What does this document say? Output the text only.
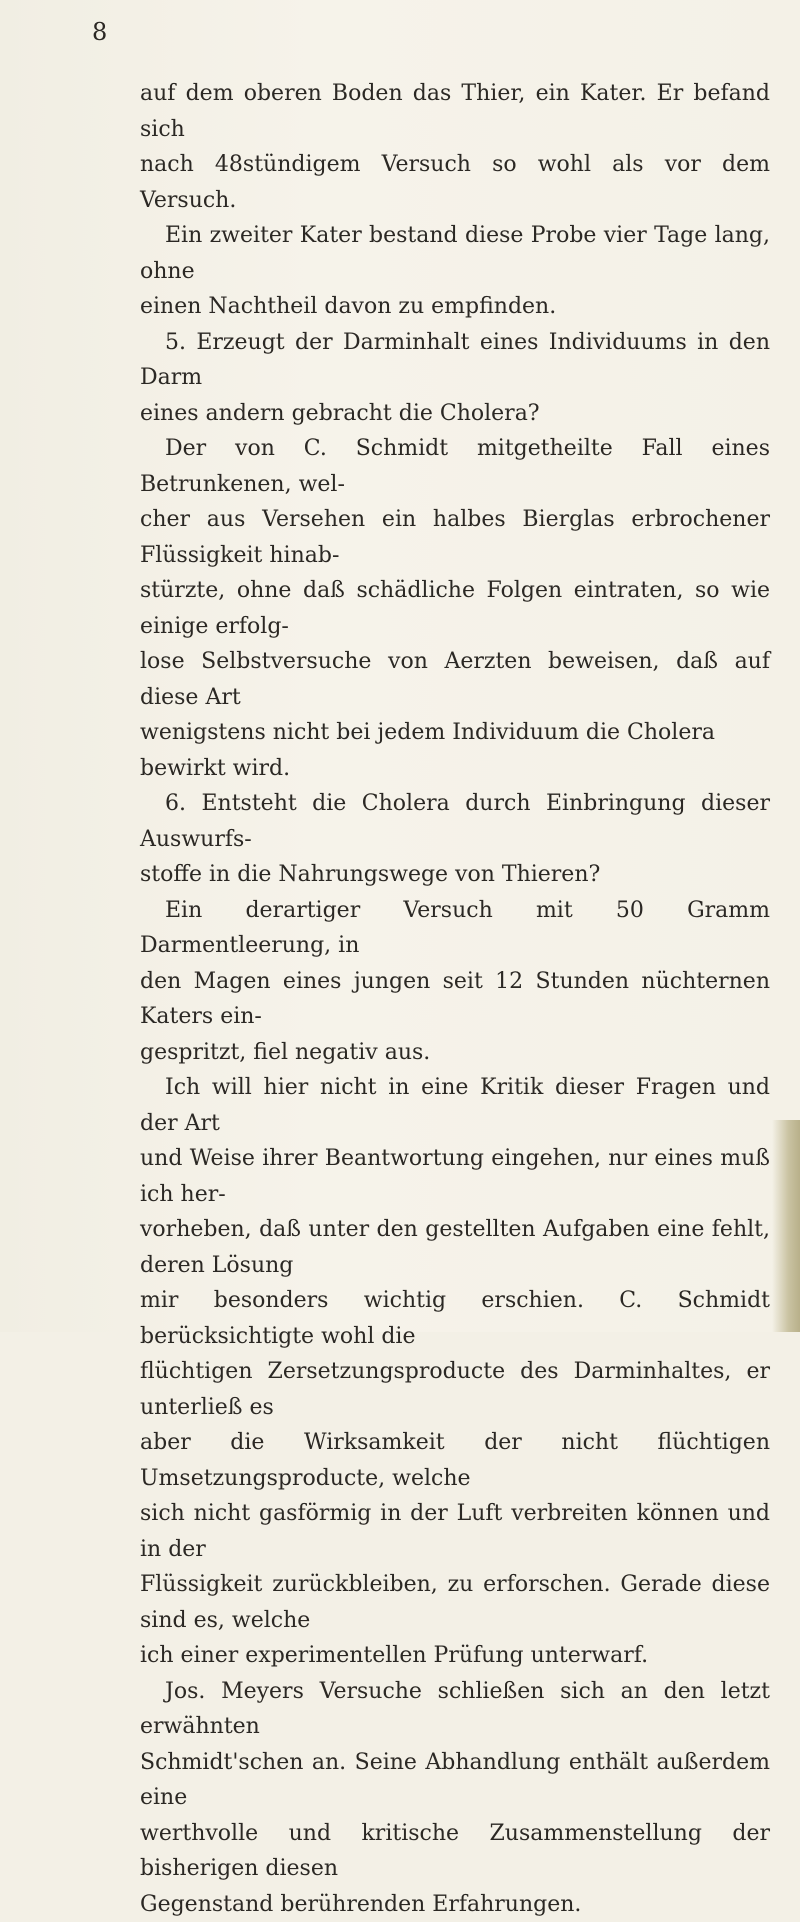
8

auf dem oberen Boden das Thier, ein Kater. Er befand sich

nach 48stündigem Versuch so wohl als vor dem Versuch.

Ein zweiter Kater bestand diese Probe vier Tage lang, ohne

einen Nachtheil davon zu empfinden.

5. Erzeugt der Darminhalt eines Individuums in den Darm

eines andern gebracht die Cholera?

Der von C. Schmidt mitgetheilte Fall eines Betrunkenen, wel-

cher aus Versehen ein halbes Bierglas erbrochener Flüssigkeit hinab-

stürzte, ohne daß schädliche Folgen eintraten, so wie einige erfolg-

lose Selbstversuche von Aerzten beweisen, daß auf diese Art

wenigstens nicht bei jedem Individuum die Cholera bewirkt wird.

6. Entsteht die Cholera durch Einbringung dieser Auswurfs-

stoffe in die Nahrungswege von Thieren?

Ein derartiger Versuch mit 50 Gramm Darmentleerung, in

den Magen eines jungen seit 12 Stunden nüchternen Katers ein-

gespritzt, fiel negativ aus.

Ich will hier nicht in eine Kritik dieser Fragen und der Art

und Weise ihrer Beantwortung eingehen, nur eines muß ich her-

vorheben, daß unter den gestellten Aufgaben eine fehlt, deren Lösung

mir besonders wichtig erschien. C. Schmidt berücksichtigte wohl die

flüchtigen Zersetzungsproducte des Darminhaltes, er unterließ es

aber die Wirksamkeit der nicht flüchtigen Umsetzungsproducte, welche

sich nicht gasförmig in der Luft verbreiten können und in der

Flüssigkeit zurückbleiben, zu erforschen. Gerade diese sind es, welche

ich einer experimentellen Prüfung unterwarf.

Jos. Meyers Versuche schließen sich an den letzt erwähnten

Schmidt'schen an. Seine Abhandlung enthält außerdem eine

werthvolle und kritische Zusammenstellung der bisherigen diesen

Gegenstand berührenden Erfahrungen.
